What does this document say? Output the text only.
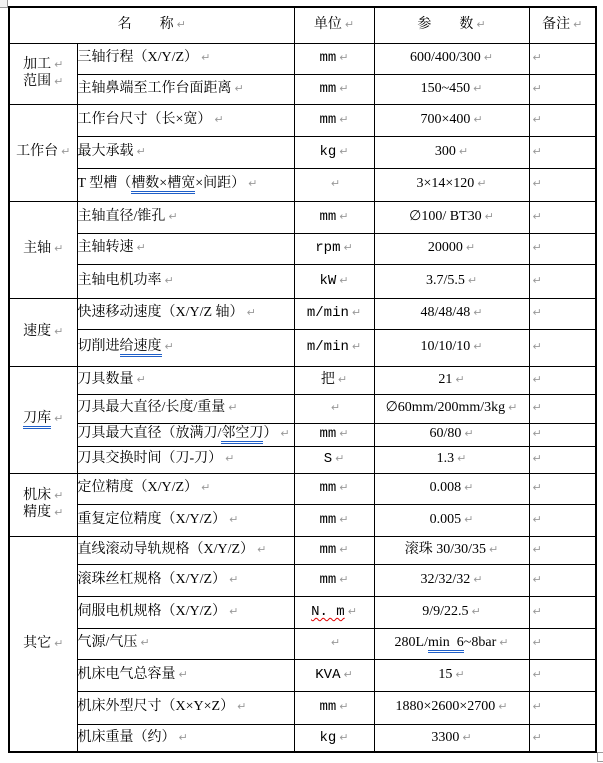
名　　称 ↵		单位 ↵	参　　数 ↵	备注 ↵

加工 ↵
范围 ↵	三轴行程（X/Y/Z） ↵	mm ↵	600/400/300 ↵	↵
	主轴鼻端至工作台面距离 ↵	mm ↵	150~450 ↵	↵

工作台 ↵	工作台尺寸（长×宽） ↵	mm ↵	700×400 ↵	↵
	最大承载 ↵	kg ↵	300 ↵	↵
	T 型槽（槽数×槽宽×间距） ↵	↵	3×14×120 ↵	↵

主轴 ↵	主轴直径/锥孔 ↵	mm ↵	∅100/ BT30 ↵	↵
	主轴转速 ↵	rpm ↵	20000 ↵	↵
	主轴电机功率 ↵	kW ↵	3.7/5.5 ↵	↵

速度 ↵	快速移动速度（X/Y/Z 轴） ↵	m/min ↵	48/48/48 ↵	↵
	切削进给速度 ↵	m/min ↵	10/10/10 ↵	↵

刀库 ↵	刀具数量 ↵	把 ↵	21 ↵	↵
	刀具最大直径/长度/重量 ↵	↵	∅60mm/200mm/3kg ↵	↵
	刀具最大直径（放满刀/邻空刀） ↵	mm ↵	60/80 ↵	↵
	刀具交换时间（刀-刀） ↵	S ↵	1.3 ↵	↵

机床 ↵
精度 ↵	定位精度（X/Y/Z） ↵	mm ↵	0.008 ↵	↵
	重复定位精度（X/Y/Z） ↵	mm ↵	0.005 ↵	↵

其它 ↵	直线滚动导轨规格（X/Y/Z） ↵	mm ↵	滚珠 30/30/35 ↵	↵
	滚珠丝杠规格（X/Y/Z） ↵	mm ↵	32/32/32 ↵	↵
	伺服电机规格（X/Y/Z） ↵	N. m ↵	9/9/22.5 ↵	↵
	气源/气压 ↵	↵	280L/min  6~8bar ↵	↵
	机床电气总容量 ↵	KVA ↵	15 ↵	↵
	机床外型尺寸（X×Y×Z） ↵	mm ↵	1880×2600×2700 ↵	↵
	机床重量（约） ↵	kg ↵	3300 ↵	↵
